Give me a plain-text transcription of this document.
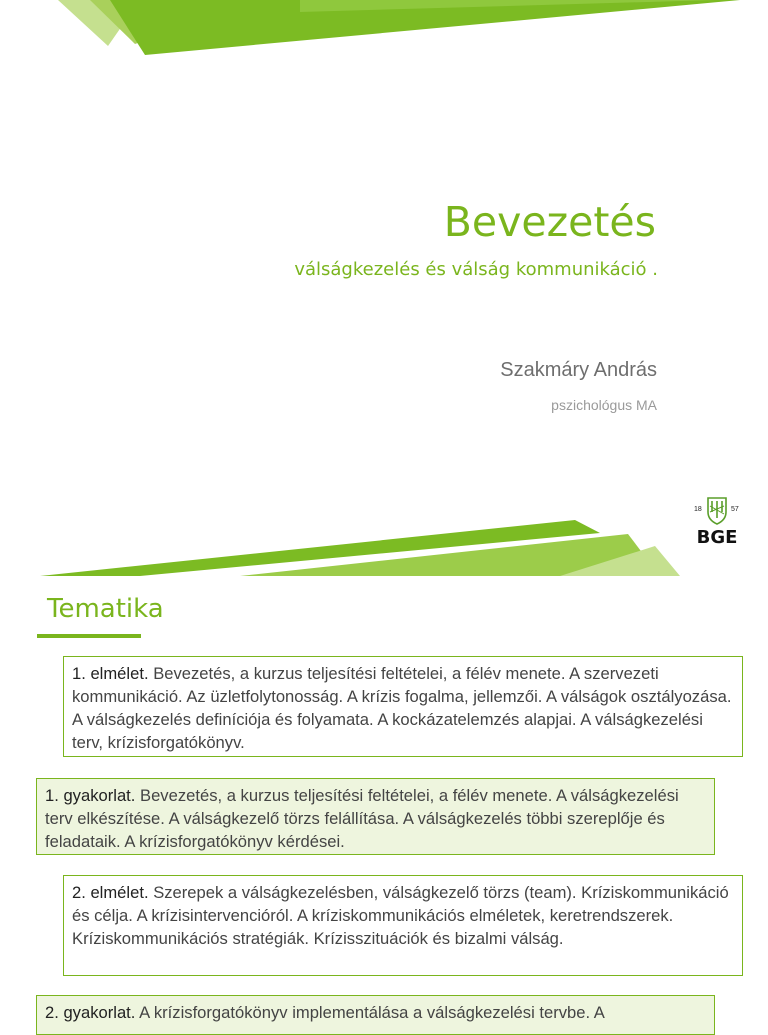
Bevezetés
válságkezelés és válság kommunikáció .
Szakmáry András
pszichológus MA
18	57
BGE
Tematika
1. elmélet. Bevezetés, a kurzus teljesítési feltételei, a félév menete. A szervezeti kommunikáció. Az üzletfolytonosság. A krízis fogalma, jellemzői. A válságok osztályozása. A válságkezelés definíciója és folyamata. A kockázatelemzés alapjai. A válságkezelési terv, krízisforgatókönyv.
1. gyakorlat. Bevezetés, a kurzus teljesítési feltételei, a félév menete. A válságkezelési terv elkészítése. A válságkezelő törzs felállítása. A válságkezelés többi szereplője és feladataik. A krízisforgatókönyv kérdései.
2. elmélet. Szerepek a válságkezelésben, válságkezelő törzs (team). Kríziskommunikáció és célja. A krízisintervencióról. A kríziskommunikációs elméletek, keretrendszerek. Kríziskommunikációs stratégiák. Krízisszituációk és bizalmi válság.
2. gyakorlat. A krízisforgatókönyv implementálása a válságkezelési tervbe. A
